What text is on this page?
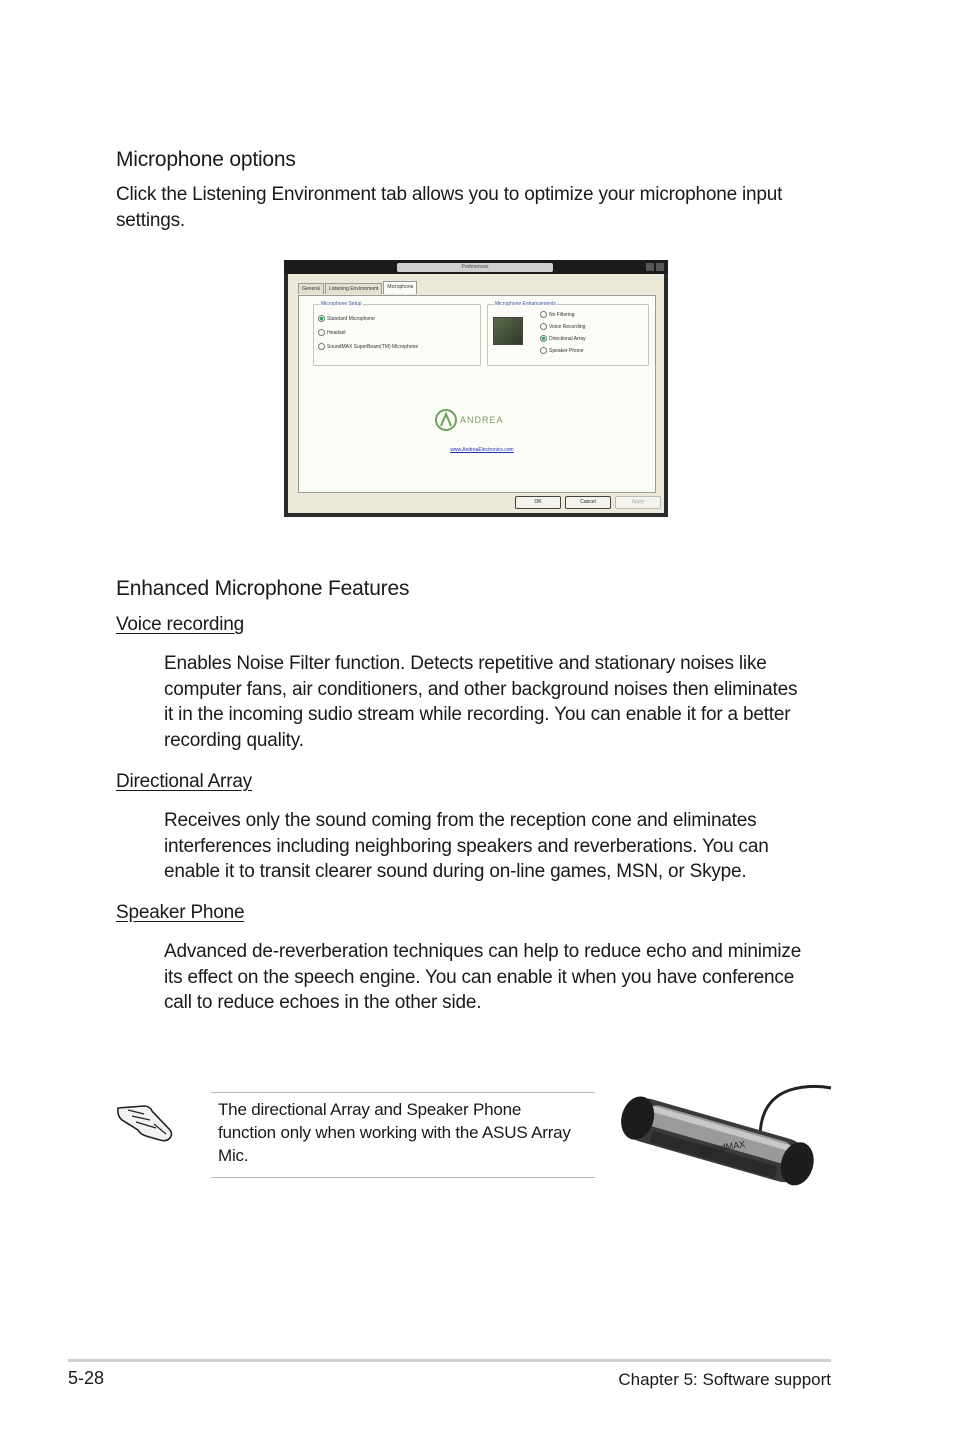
Microphone options
Click the Listening Environment tab allows you to optimize your microphone input
settings.
Preferences
General	Listening Environment	Microphone
Microphone Setup
Standard Microphone
Headset
SoundMAX SuperBeam(TM) Microphone
Microphone Enhancements
No Filtering
Voice Recording
Directional Array
Speaker Phone
ANDREA
www.AndreaElectronics.com
OK	Cancel	Apply
Enhanced Microphone Features
Voice recording
Enables Noise Filter function. Detects repetitive and stationary noises like
computer fans, air conditioners, and other background noises then eliminates
it in the incoming sudio stream while recording. You can enable it for a better
recording quality.
Directional Array
Receives only the sound coming from the reception cone and eliminates
interferences including neighboring speakers and reverberations. You can
enable it to transit clearer sound during on-line games, MSN, or Skype.
Speaker Phone
Advanced de-reverberation techniques can help to reduce echo and minimize
its effect on the speech engine. You can enable it when you have conference
call to reduce echoes in the other side.
The directional Array and Speaker Phone
function only when working with the ASUS Array
Mic.	SoundMAX
5-28	Chapter 5: Software support
